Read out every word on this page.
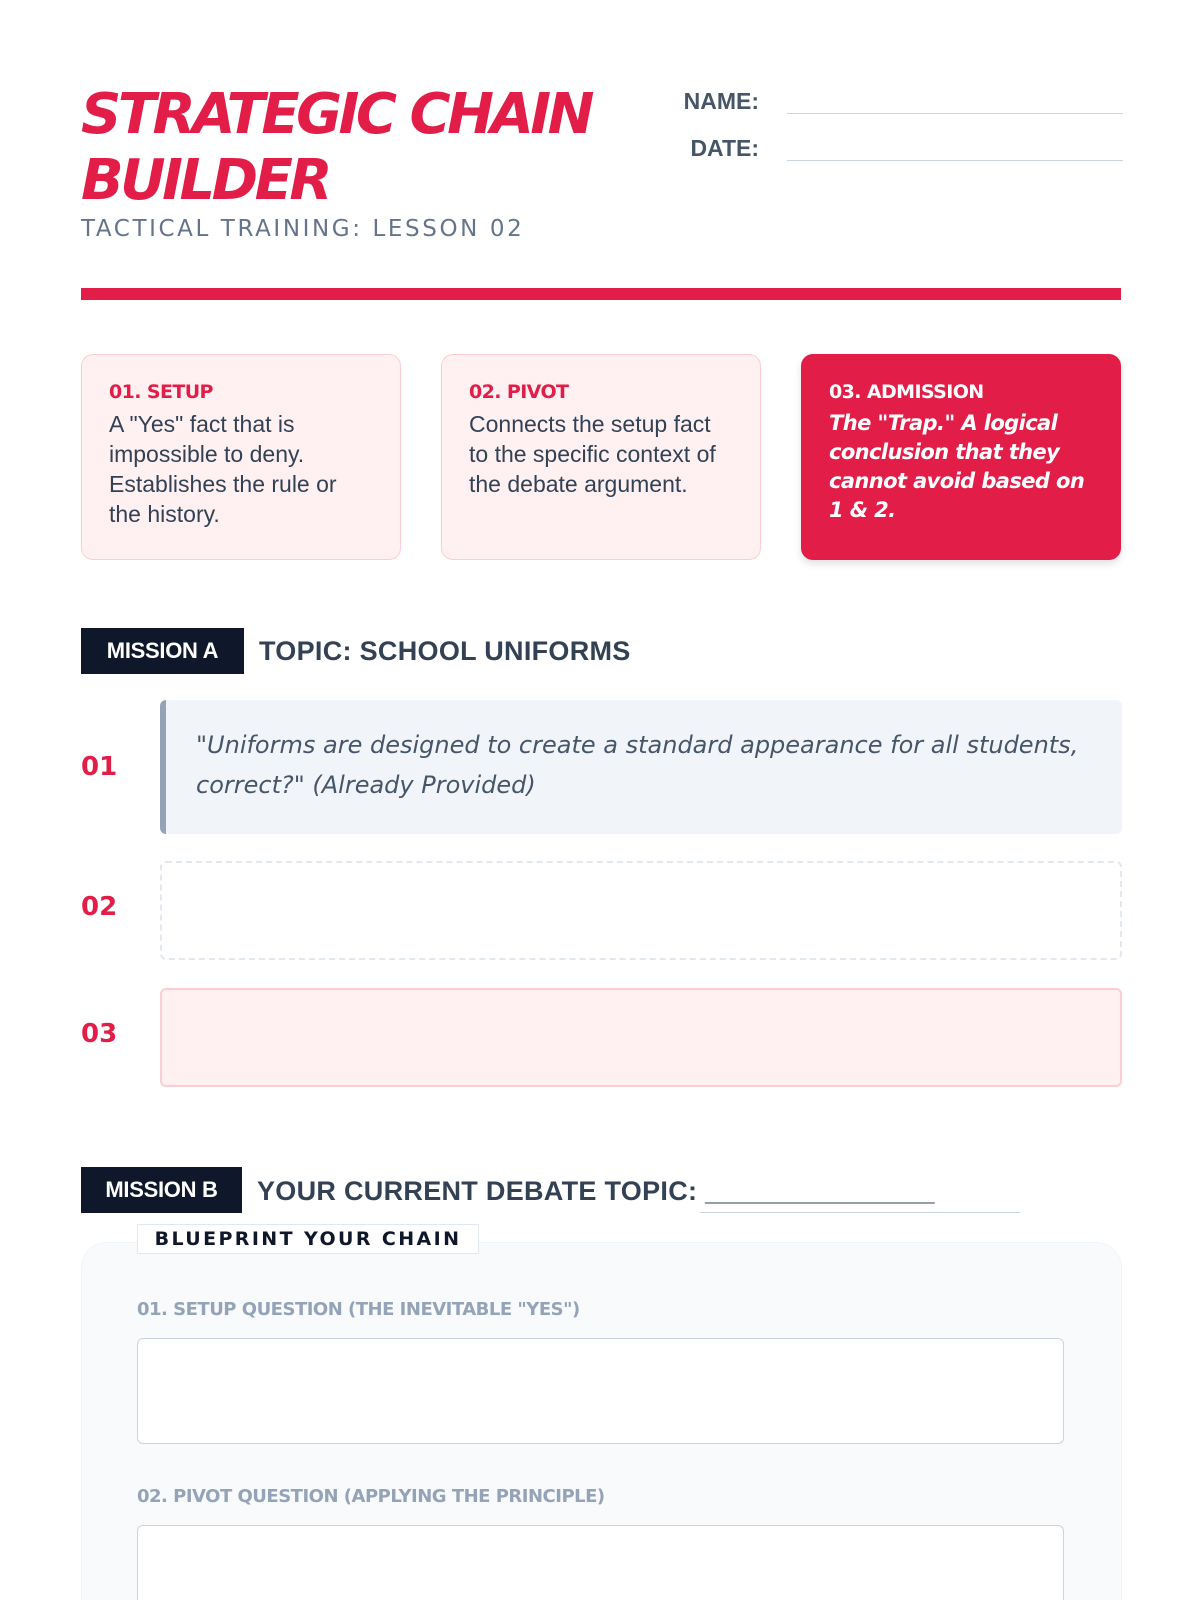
STRATEGIC CHAIN BUILDER
TACTICAL TRAINING: LESSON 02
NAME:
DATE:
01. SETUP
A "Yes" fact that is impossible to deny. Establishes the rule or the history.
02. PIVOT
Connects the setup fact to the specific context of the debate argument.
03. ADMISSION
The "Trap." A logical conclusion that they cannot avoid based on 1 & 2.
MISSION A	TOPIC: SCHOOL UNIFORMS
01
"Uniforms are designed to create a standard appearance for all students, correct?" (Already Provided)
02
03
MISSION B	YOUR CURRENT DEBATE TOPIC: _______________
BLUEPRINT YOUR CHAIN
01. SETUP QUESTION (THE INEVITABLE "YES")
02. PIVOT QUESTION (APPLYING THE PRINCIPLE)
